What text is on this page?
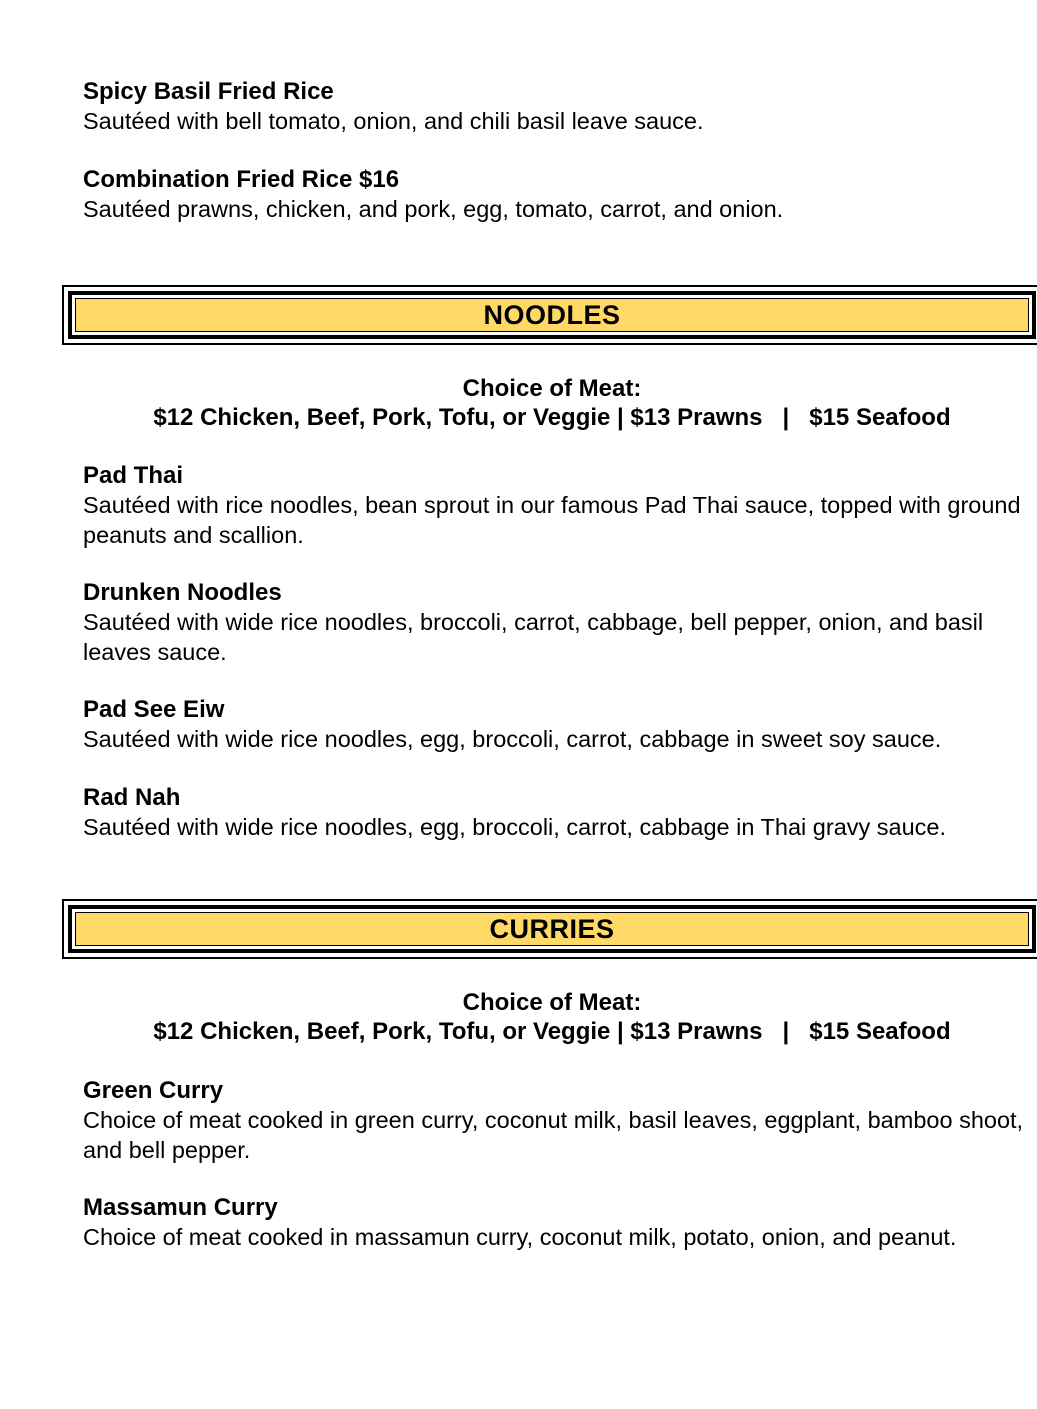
Spicy Basil Fried Rice
Sautéed with bell tomato, onion, and chili basil leave sauce.
Combination Fried Rice $16
Sautéed prawns, chicken, and pork, egg, tomato, carrot, and onion.
NOODLES
Choice of Meat:
$12 Chicken, Beef, Pork, Tofu, or Veggie | $13 Prawns   |   $15 Seafood
Pad Thai
Sautéed with rice noodles, bean sprout in our famous Pad Thai sauce, topped with ground peanuts and scallion.
Drunken Noodles
Sautéed with wide rice noodles, broccoli, carrot, cabbage, bell pepper, onion, and basil leaves sauce.
Pad See Eiw
Sautéed with wide rice noodles, egg, broccoli, carrot, cabbage in sweet soy sauce.
Rad Nah
Sautéed with wide rice noodles, egg, broccoli, carrot, cabbage in Thai gravy sauce.
CURRIES
Choice of Meat:
$12 Chicken, Beef, Pork, Tofu, or Veggie | $13 Prawns   |   $15 Seafood
Green Curry
Choice of meat cooked in green curry, coconut milk, basil leaves, eggplant, bamboo shoot, and bell pepper.
Massamun Curry
Choice of meat cooked in massamun curry, coconut milk, potato, onion, and peanut.
